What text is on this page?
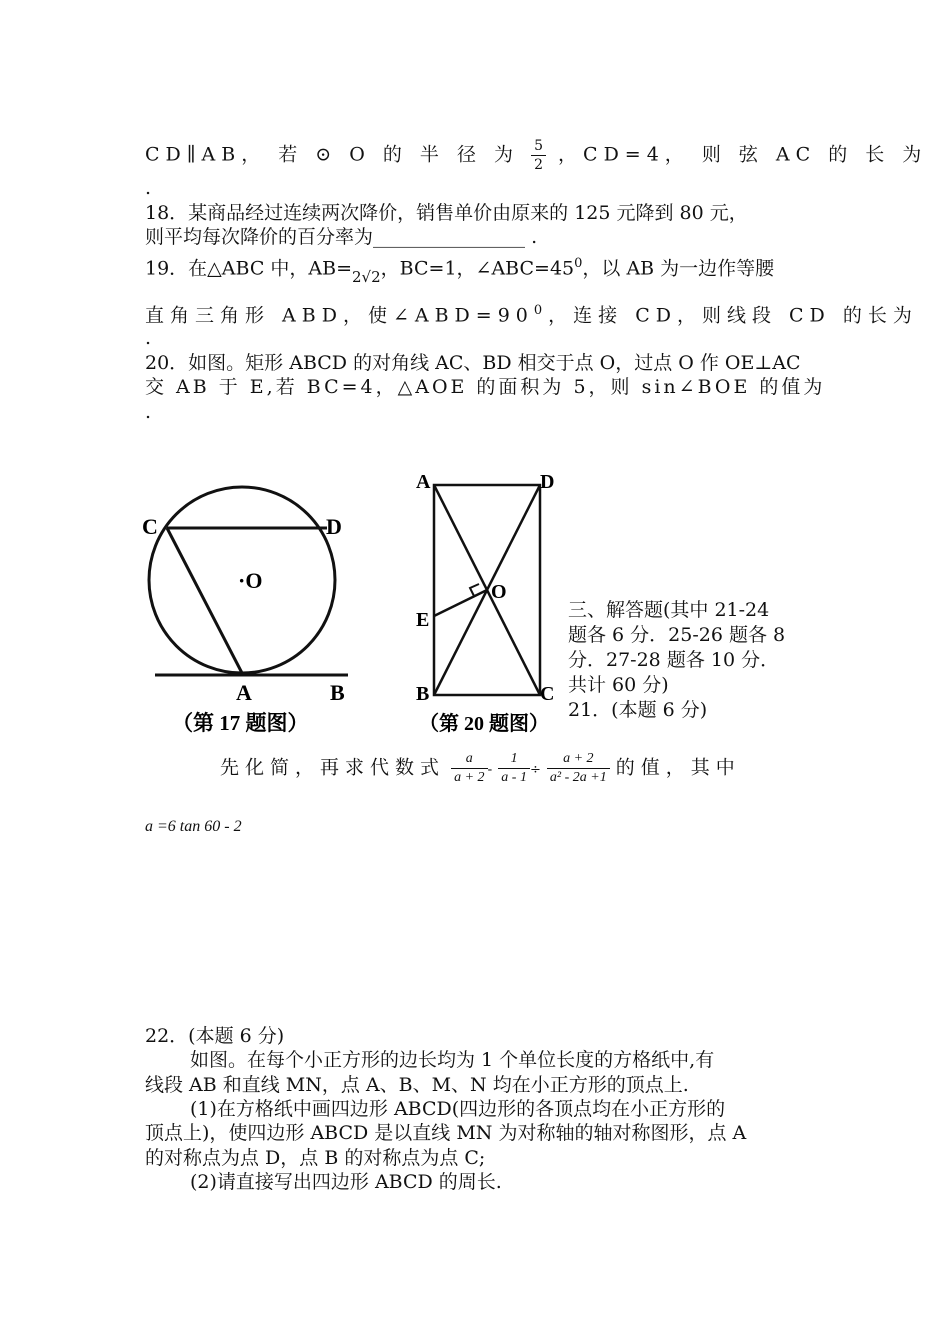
CD∥AB， 若 ⊙ O 的 半 径 为 $\frac{5}{2}$ ，CD=4， 则 弦 AC 的 长 为
.
18．某商品经过连续两次降价，销售单价由原来的 125 元降到 80 元，
则平均每次降价的百分率为________________ .
19．在△ABC 中，$AB=_{2√2}$，BC=1，$\angle ABC=45^0$，以 AB 为一边作等腰
直角三角形 ABD，使$\angle ABD=90^0$，连接 CD，则线段 CD 的长为
.
20．如图。矩形 ABCD 的对角线 AC、BD 相交于点 O，过点 O 作 OE⊥AC
交 AB 于 E,若 BC=4，△AOE 的面积为 5，则 sin∠BOE 的值为
.
C	D
·O
A	B
（第 17 题图）
A	D
O
E
B	C
（第 20 题图）
三、解答题(其中 21-24
题各 6 分．25-26 题各 8
分．27-28 题各 10 分．
共计 60 分)
21．(本题 6 分)
先化简，再求代数式 $\frac{a}{a + 2} - \frac{1}{a - 1} \div \frac{a + 2}{\text{a² - 2a +1}}$ 的值，其中
a =6 tan 60 - 2
22．(本题 6 分)
如图。在每个小正方形的边长均为 1 个单位长度的方格纸中,有
线段 AB 和直线 MN，点 A、B、M、N 均在小正方形的顶点上.
(1)在方格纸中画四边形 ABCD(四边形的各顶点均在小正方形的
顶点上)，使四边形 ABCD 是以直线 MN 为对称轴的轴对称图形，点 A
的对称点为点 D，点 B 的对称点为点 C;
(2)请直接写出四边形 ABCD 的周长.
